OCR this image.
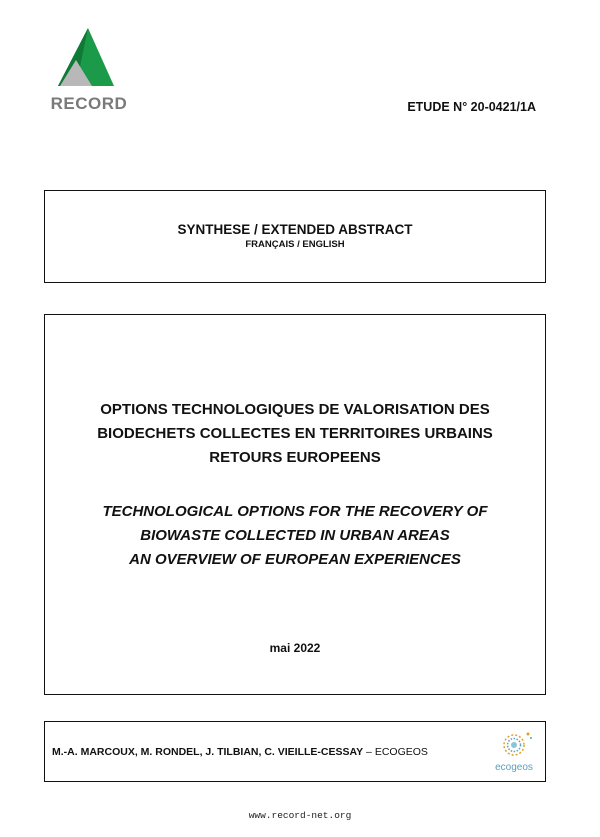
RECORD	ETUDE N° 20-0421/1A
SYNTHESE / EXTENDED ABSTRACT
FRANÇAIS / ENGLISH
OPTIONS TECHNOLOGIQUES DE VALORISATION DES
BIODECHETS COLLECTES EN TERRITOIRES URBAINS
RETOURS EUROPEENS
TECHNOLOGICAL OPTIONS FOR THE RECOVERY OF
BIOWASTE COLLECTED IN URBAN AREAS
AN OVERVIEW OF EUROPEAN EXPERIENCES
mai 2022
M.-A. MARCOUX, M. RONDEL, J. TILBIAN, C. VIEILLE-CESSAY – ECOGEOS
ecogeos
www.record-net.org
